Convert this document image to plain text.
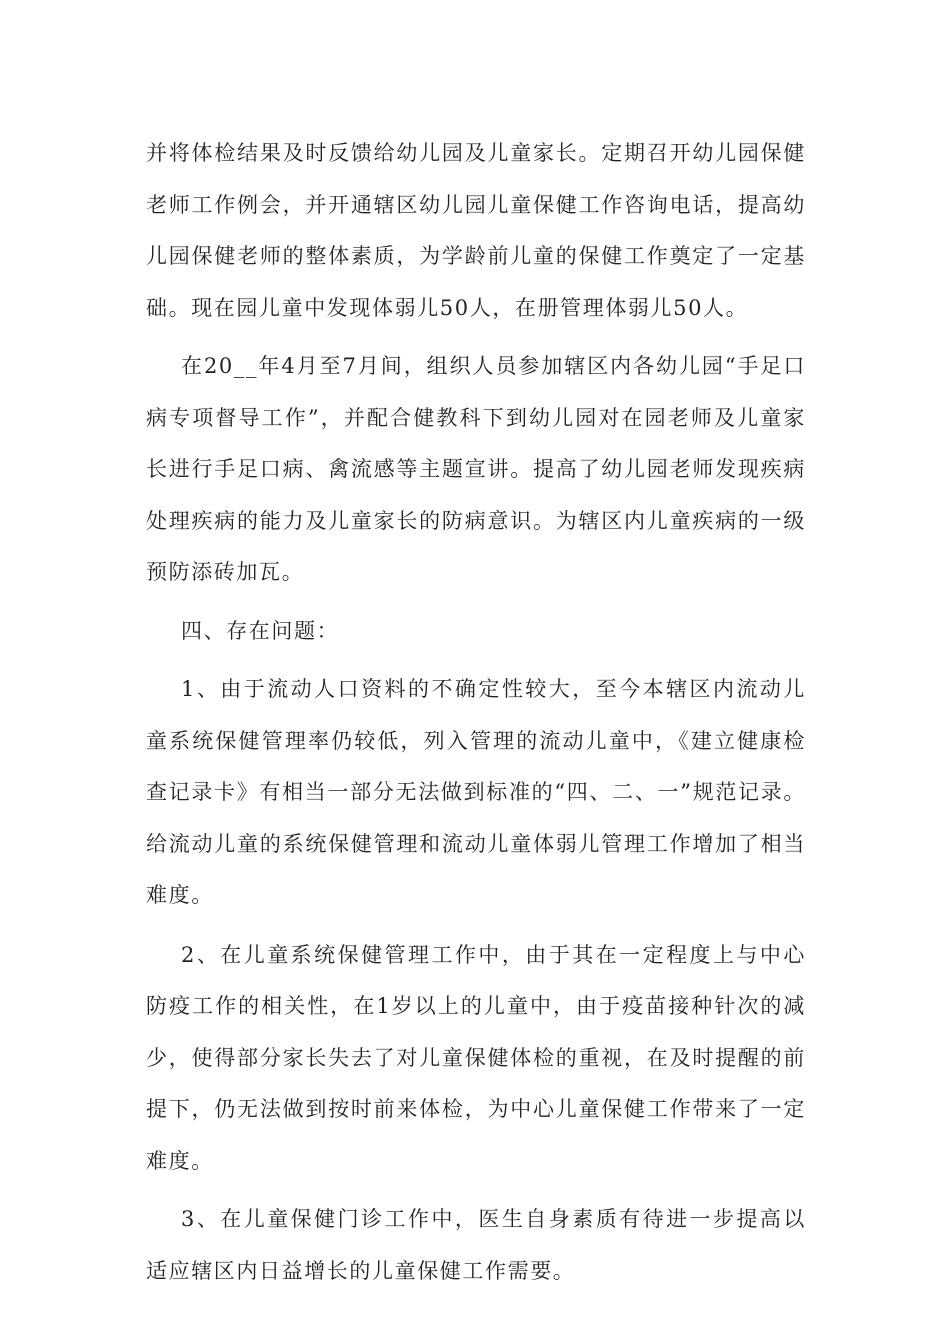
并将体检结果及时反馈给幼儿园及儿童家长。定期召开幼儿园保健老师工作例会，并开通辖区幼儿园儿童保健工作咨询电话，提高幼儿园保健老师的整体素质，为学龄前儿童的保健工作奠定了一定基础。现在园儿童中发现体弱儿50人，在册管理体弱儿50人。

在20__年4月至7月间，组织人员参加辖区内各幼儿园“手足口病专项督导工作”，并配合健教科下到幼儿园对在园老师及儿童家长进行手足口病、禽流感等主题宣讲。提高了幼儿园老师发现疾病处理疾病的能力及儿童家长的防病意识。为辖区内儿童疾病的一级预防添砖加瓦。

四、存在问题：

1、由于流动人口资料的不确定性较大，至今本辖区内流动儿童系统保健管理率仍较低，列入管理的流动儿童中，《建立健康检查记录卡》有相当一部分无法做到标准的“四、二、一”规范记录。给流动儿童的系统保健管理和流动儿童体弱儿管理工作增加了相当难度。

2、在儿童系统保健管理工作中，由于其在一定程度上与中心防疫工作的相关性，在1岁以上的儿童中，由于疫苗接种针次的减少，使得部分家长失去了对儿童保健体检的重视，在及时提醒的前提下，仍无法做到按时前来体检，为中心儿童保健工作带来了一定难度。

3、在儿童保健门诊工作中，医生自身素质有待进一步提高以适应辖区内日益增长的儿童保健工作需要。
